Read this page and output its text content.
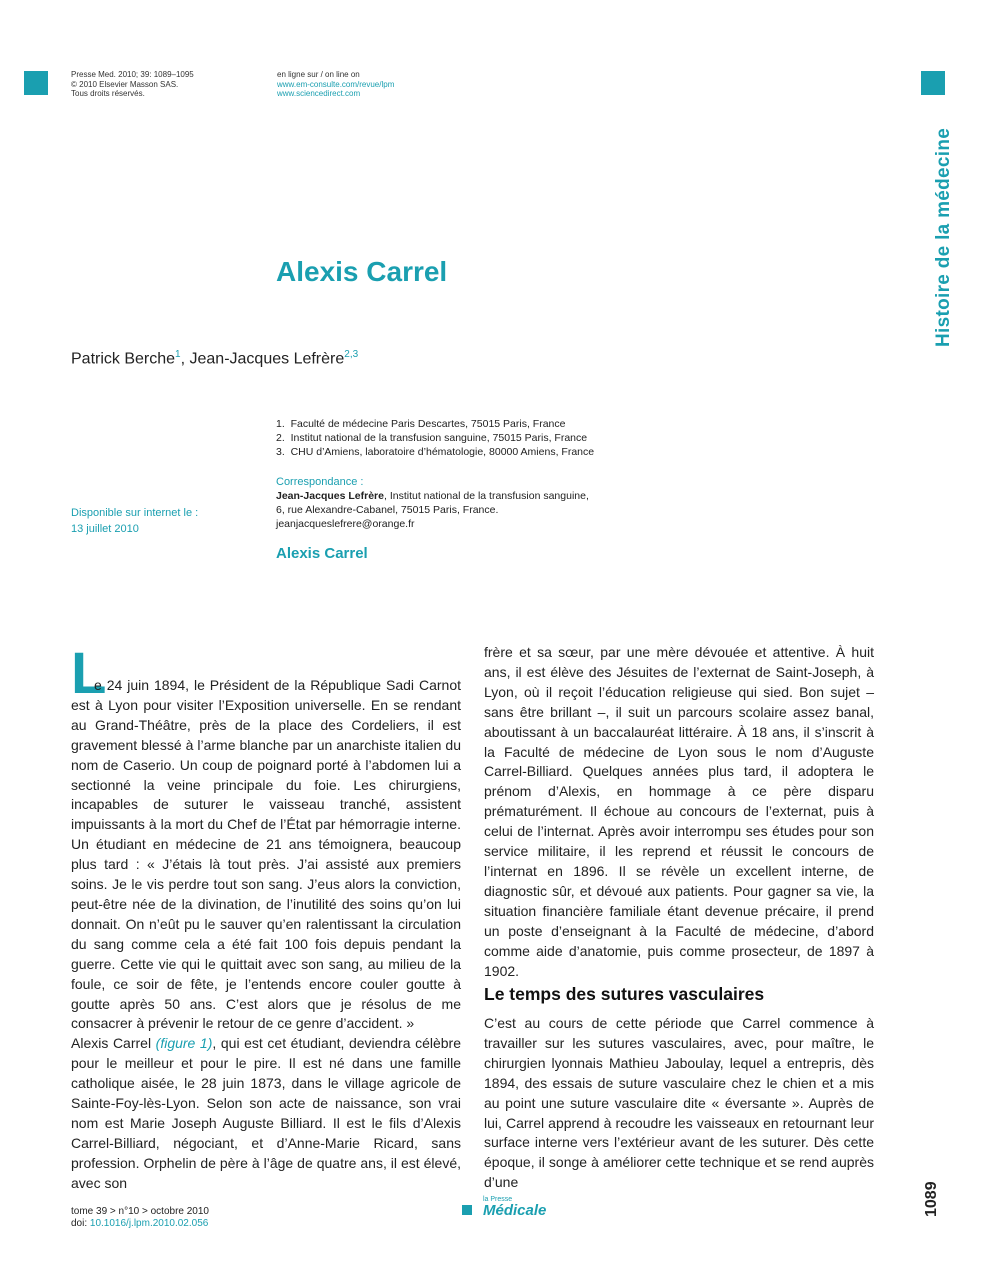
Presse Med. 2010; 39: 1089–1095
© 2010 Elsevier Masson SAS.
Tous droits réservés.
en ligne sur / on line on
www.em-consulte.com/revue/lpm
www.sciencedirect.com
Histoire de la médecine
Alexis Carrel
Patrick Berche$^1$, Jean-Jacques Lefrère$^{2,3}$
1.  Faculté de médecine Paris Descartes, 75015 Paris, France
2.  Institut national de la transfusion sanguine, 75015 Paris, France
3.  CHU d’Amiens, laboratoire d’hématologie, 80000 Amiens, France
Correspondance :
Jean-Jacques Lefrère, Institut national de la transfusion sanguine,
6, rue Alexandre-Cabanel, 75015 Paris, France.
jeanjacqueslefrere@orange.fr
Disponible sur internet le :
13 juillet 2010
Alexis Carrel
L

e 24 juin 1894, le Président de la République Sadi Carnot est à Lyon pour visiter l’Exposition universelle. En se rendant au Grand-Théâtre, près de la place des Cordeliers, il est gravement blessé à l’arme blanche par un anarchiste italien du nom de Caserio. Un coup de poignard porté à l’abdomen lui a sectionné la veine principale du foie. Les chirurgiens, incapables de suturer le vaisseau tranché, assistent impuissants à la mort du Chef de l’État par hémorragie interne. Un étudiant en médecine de 21 ans témoignera, beaucoup plus tard : « J’étais là tout près. J’ai assisté aux premiers soins. Je le vis perdre tout son sang. J’eus alors la conviction, peut-être née de la divination, de l’inutilité des soins qu’on lui donnait. On n’eût pu le sauver qu’en ralentissant la circulation du sang comme cela a été fait 100 fois depuis pendant la guerre. Cette vie qui le quittait avec son sang, au milieu de la foule, ce soir de fête, je l’entends encore couler goutte à goutte après 50 ans. C’est alors que je résolus de me consacrer à prévenir le retour de ce genre d’accident. »

Alexis Carrel (figure 1), qui est cet étudiant, deviendra célèbre pour le meilleur et pour le pire. Il est né dans une famille catholique aisée, le 28 juin 1873, dans le village agricole de Sainte-Foy-lès-Lyon. Selon son acte de naissance, son vrai nom est Marie Joseph Auguste Billiard. Il est le fils d’Alexis Carrel-Billiard, négociant, et d’Anne-Marie Ricard, sans profession. Orphelin de père à l’âge de quatre ans, il est élevé, avec son

frère et sa sœur, par une mère dévouée et attentive. À huit ans, il est élève des Jésuites de l’externat de Saint-Joseph, à Lyon, où il reçoit l’éducation religieuse qui sied. Bon sujet – sans être brillant –, il suit un parcours scolaire assez banal, aboutissant à un baccalauréat littéraire. À 18 ans, il s’inscrit à la Faculté de médecine de Lyon sous le nom d’Auguste Carrel-Billiard. Quelques années plus tard, il adoptera le prénom d’Alexis, en hommage à ce père disparu prématurément. Il échoue au concours de l’externat, puis à celui de l’internat. Après avoir interrompu ses études pour son service militaire, il les reprend et réussit le concours de l’internat en 1896. Il se révèle un excellent interne, de diagnostic sûr, et dévoué aux patients. Pour gagner sa vie, la situation financière familiale étant devenue précaire, il prend un poste d’enseignant à la Faculté de médecine, d’abord comme aide d’anatomie, puis comme prosecteur, de 1897 à 1902.

Le temps des sutures vasculaires

C’est au cours de cette période que Carrel commence à travailler sur les sutures vasculaires, avec, pour maître, le chirurgien lyonnais Mathieu Jaboulay, lequel a entrepris, dès 1894, des essais de suture vasculaire chez le chien et a mis au point une suture vasculaire dite « éversante ». Auprès de lui, Carrel apprend à recoudre les vaisseaux en retournant leur surface interne vers l’extérieur avant de les suturer. Dès cette époque, il songe à améliorer cette technique et se rend auprès d’une

tome 39 > n°10 > octobre 2010
doi: 10.1016/j.lpm.2010.02.056
la Presse
Médicale	1089
